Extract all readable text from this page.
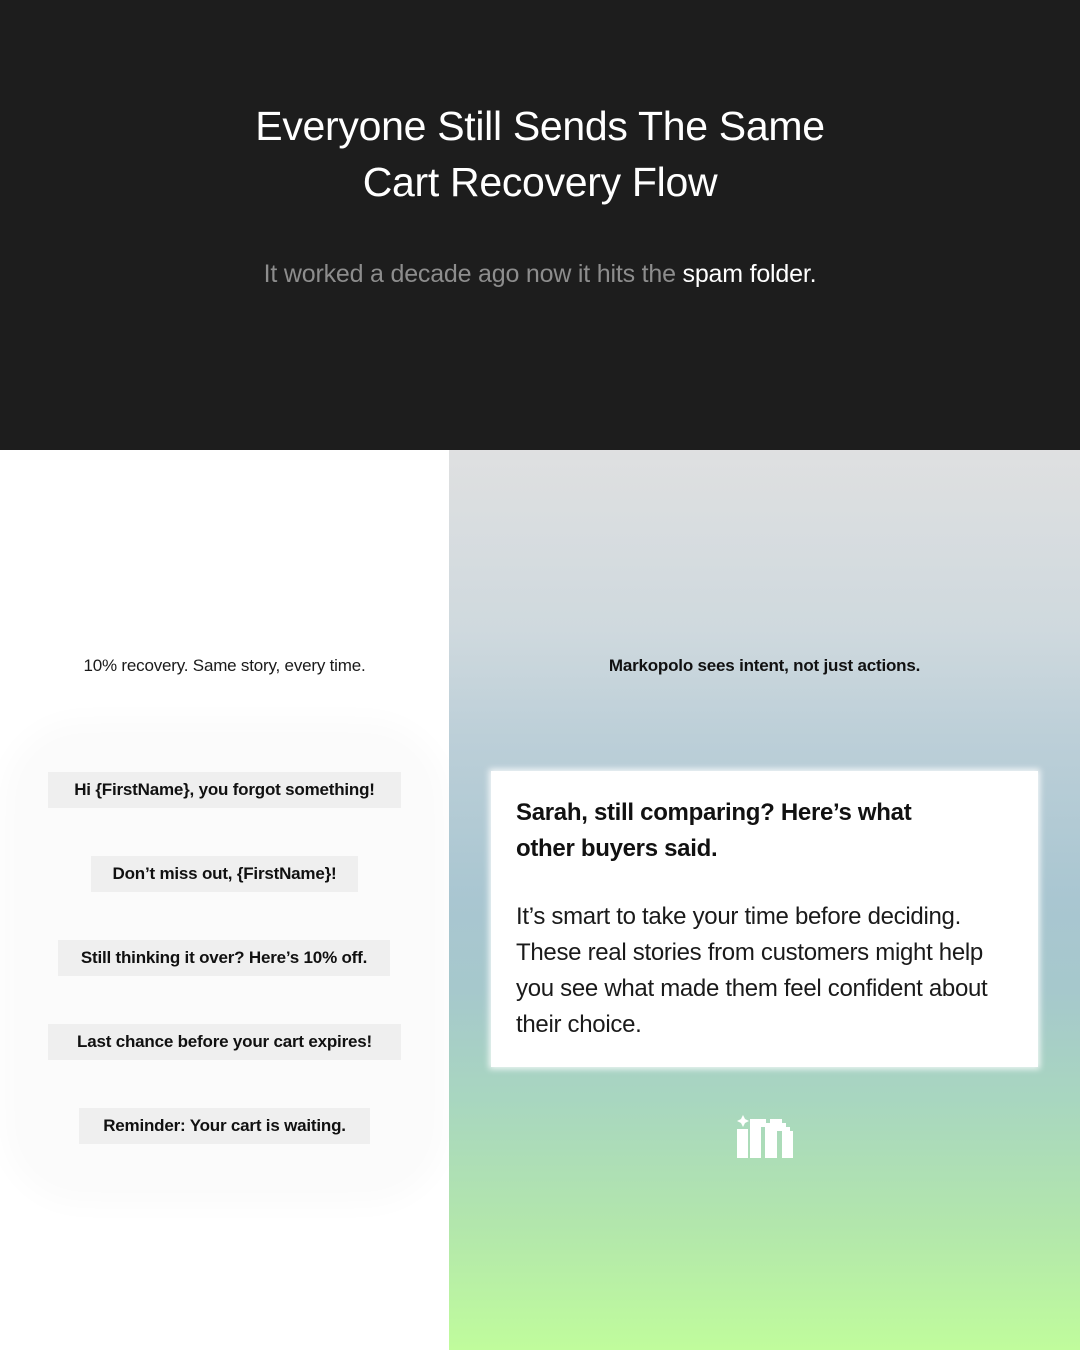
Everyone Still Sends The Same
Cart Recovery Flow
It worked a decade ago now it hits the spam folder.
10% recovery. Same story, every time.
Hi {FirstName}, you forgot something!
Don’t miss out, {FirstName}!
Still thinking it over? Here’s 10% off.
Last chance before your cart expires!
Reminder: Your cart is waiting.
Markopolo sees intent, not just actions.
Sarah, still comparing? Here’s what other buyers said.
It’s smart to take your time before deciding. These real stories from customers might help you see what made them feel confident about their choice.
